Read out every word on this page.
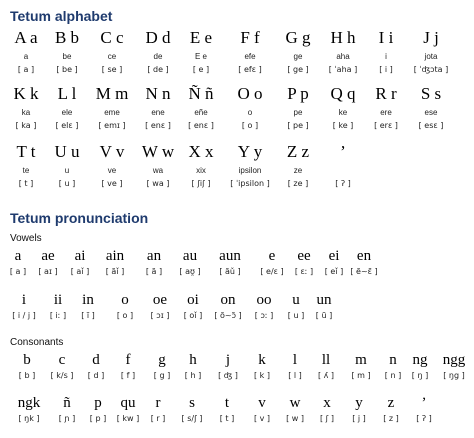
Tetum alphabet
A a
a
[ a ]
B b
be
[ be ]
C c
ce
[ se ]
D d
de
[ de ]
E e
E e
[ e ]
F f
efe
[ efɛ ]
G g
ge
[ ge ]
H h
aha
[ ˈaha ]
I i
i
[ i ]
J j
jota
[ ˈʤɔta ]
K k
ka
[ ka ]
L l
ele
[ elɛ ]
M m
eme
[ emɪ ]
N n
ene
[ enɛ ]
Ñ ñ
eñe
[ enɛ ]
O o
o
[ o ]
P p
pe
[ pe ]
Q q
ke
[ ke ]
R r
ere
[ erɛ ]
S s
ese
[ esɛ ]
T t
te
[ t ]
U u
u
[ u ]
V v
ve
[ ve ]
W w
wa
[ wa ]
X x
xix
[ ʃiʃ ]
Y y
ipsilon
[ ˈipsilon ]
Z z
ze
[ ze ]
’
[ ʔ ]
Tetum pronunciation
Vowels
a
[ a ]
ae
[ aɪ ]
ai
[ aǐ ]
ain
[ ãǐ ]
an
[ ã ]
au
[ aʊ̯ ]
aun
[ ãǔ ]
e
[ e/ɛ ]
ee
[ ɛː ]
ei
[ eǐ ]
en
[ ẽ~ɛ̃ ]
i
[ i / j ]
ii
[ iː ]
in
[ ĩ ]
o
[ o ]
oe
[ ɔɪ ]
oi
[ oǐ ]
on
[ õ~ɔ̃ ]
oo
[ ɔː ]
u
[ u ]
un
[ ũ ]
Consonants
b
[ b ]
c
[ k/s ]
d
[ d ]
f
[ f ]
g
[ g ]
h
[ h ]
j
[ ʤ ]
k
[ k ]
l
[ l ]
ll
[ ʎ ]
m
[ m ]
n
[ n ]
ng
[ ŋ ]
ngg
[ ŋg ]
ngk
[ ŋk ]
ñ
[ ɲ ]
p
[ p ]
qu
[ kw ]
r
[ r ]
s
[ s/ʃ ]
t
[ t ]
v
[ v ]
w
[ w ]
x
[ ʃ ]
y
[ j ]
z
[ z ]
’
[ ʔ ]
